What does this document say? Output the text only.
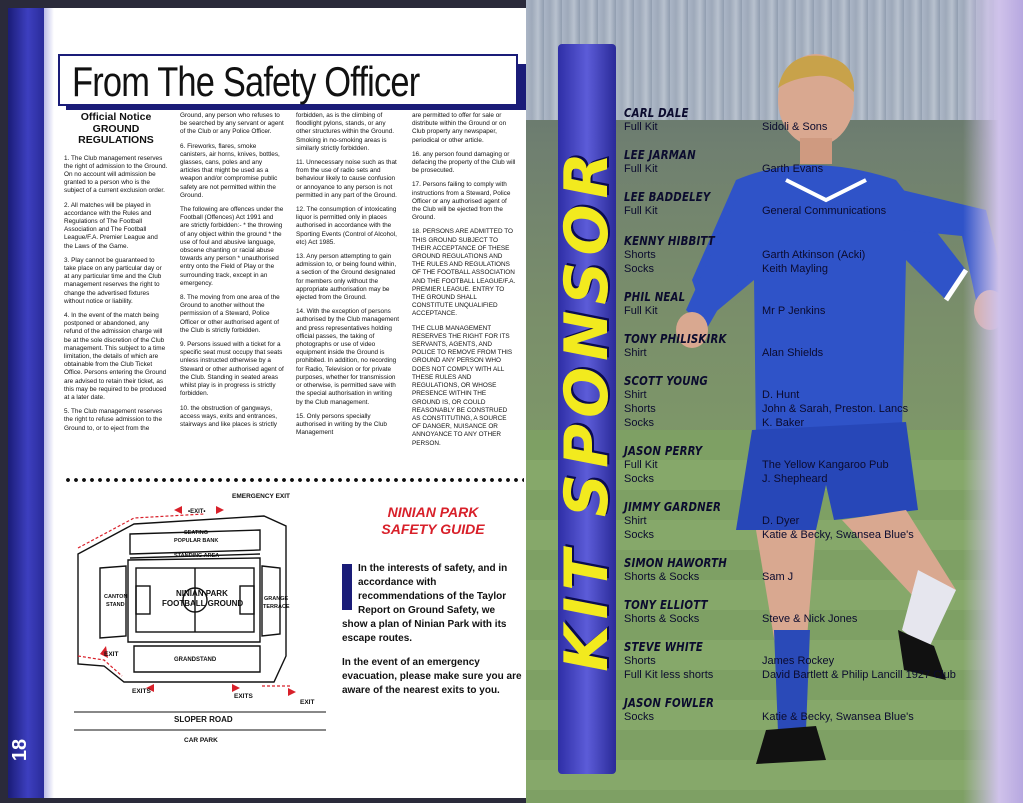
18
From The Safety Officer
Official Notice GROUND REGULATIONS

1. The Club management reserves the right of admission to the Ground. On no account will admission be granted to a person who is the subject of a current exclusion order.

2. All matches will be played in accordance with the Rules and Regulations of The Football Association and The Football League/F.A. Premier League and the Laws of the Game.

3. Play cannot be guaranteed to take place on any particular day or at any particular time and the Club management reserves the right to change the advertised fixtures without notice or liability.

4. In the event of the match being postponed or abandoned, any refund of the admission charge will be at the sole discretion of the Club management. This subject to a time limitation, the details of which are obtainable from the Club Ticket Office. Persons entering the Ground are advised to retain their ticket, as this may be required to be produced at a later date.

5. The Club management reserves the right to refuse admission to the Ground to, or to eject from the

Ground, any person who refuses to be searched by any servant or agent of the Club or any Police Officer.

6. Fireworks, flares, smoke canisters, air horns, knives, bottles, glasses, cans, poles and any articles that might be used as a weapon and/or compromise public safety are not permitted within the Ground.

The following are offences under the Football (Offences) Act 1991 and are strictly forbidden:- * the throwing of any object within the ground * the use of foul and abusive language, obscene chanting or racial abuse towards any person * unauthorised entry onto the Field of Play or the surrounding track, except in an emergency.

8. The moving from one area of the Ground to another without the permission of a Steward, Police Officer or other authorised agent of the Club is strictly forbidden.

9. Persons issued with a ticket for a specific seat must occupy that seats unless instructed otherwise by a Steward or other authorised agent of the Club. Standing in seated areas whilst play is in progress is strictly forbidden.

10. the obstruction of gangways, access ways, exits and entrances, stairways and like places is strictly

forbidden, as is the climbing of floodlight pylons, stands, or any other structures within the Ground. Smoking in no-smoking areas is similarly strictly forbidden.

11. Unnecessary noise such as that from the use of radio sets and behaviour likely to cause confusion or annoyance to any person is not permitted in any part of the Ground.

12. The consumption of intoxicating liquor is permitted only in places authorised in accordance with the Sporting Events (Control of Alcohol, etc) Act 1985.

13. Any person attempting to gain admission to, or being found within, a section of the Ground designated for members only without the appropriate authorisation may be ejected from the Ground.

14. With the exception of persons authorised by the Club management and press representatives holding official passes, the taking of photographs or use of video equipment inside the Ground is prohibited. In addition, no recording for Radio, Television or for private purposes, whether for transmission or otherwise, is permitted save with the special authorisation in writing by the Club management.

15. Only persons specially authorised in writing by the Club Management

are permitted to offer for sale or distribute within the Ground or on Club property any newspaper, periodical or other article.

16. any person found damaging or defacing the property of the Club will be prosecuted.

17. Persons failing to comply with instructions from a Steward, Police Officer or any authorised agent of the Club will be ejected from the Ground.

18. PERSONS ARE ADMITTED TO THIS GROUND SUBJECT TO THEIR ACCEPTANCE OF THESE GROUND REGULATIONS AND THE RULES AND REGULATIONS OF THE FOOTBALL ASSOCIATION AND THE FOOTBALL LEAGUE/F.A. PREMIER LEAGUE. ENTRY TO THE GROUND SHALL CONSTITUTE UNQUALIFIED ACCEPTANCE.

THE CLUB MANAGEMENT RESERVES THE RIGHT FOR ITS SERVANTS, AGENTS, AND POLICE TO REMOVE FROM THIS GROUND ANY PERSON WHO DOES NOT COMPLY WITH ALL THESE RULES AND REGULATIONS, OR WHOSE PRESENCE WITHIN THE GROUND IS, OR COULD REASONABLY BE CONSTRUED AS CONSTITUTING, A SOURCE OF DANGER, NUISANCE OR ANNOYANCE TO ANY OTHER PERSON.

EMERGENCY EXIT
•EXIT•
SEATING
POPULAR BANK
STANDING AREA
CANTON
STAND
NINIAN PARK
FOOTBALL GROUND	GRANGE
TERRACE
EXIT
GRANDSTAND
EXITS
EXITS
EXIT
SLOPER ROAD
CAR PARK
NINIAN PARK
SAFETY GUIDE

In the interests of safety, and in accordance with recommendations of the Taylor Report on Ground Safety, we show a plan of Ninian Park with its escape routes.

In the event of an emergency evacuation, please make sure you are aware of the nearest exits to you.

KIT SPONSOR
CARL DALE
Full Kit	Sidoli & Sons
LEE JARMAN
Full Kit	Garth Evans
LEE BADDELEY
Full Kit	General Communications
KENNY HIBBITT
Shorts	Garth Atkinson (Acki)
Socks	Keith Mayling
PHIL NEAL
Full Kit	Mr P Jenkins
TONY PHILISKIRK
Shirt	Alan Shields
SCOTT YOUNG
Shirt	D. Hunt
Shorts	John & Sarah, Preston. Lancs
Socks	K. Baker
JASON PERRY
Full Kit	The Yellow Kangaroo Pub
Socks	J. Shepheard
JIMMY GARDNER
Shirt	D. Dyer
Socks	Katie & Becky, Swansea Blue's
SIMON HAWORTH
Shorts & Socks	Sam J
TONY ELLIOTT
Shorts & Socks	Steve & Nick Jones
STEVE WHITE
Shorts	James Rockey
Full Kit less shorts	David Bartlett & Philip Lancill 1927 Club
JASON FOWLER
Socks	Katie & Becky, Swansea Blue's
